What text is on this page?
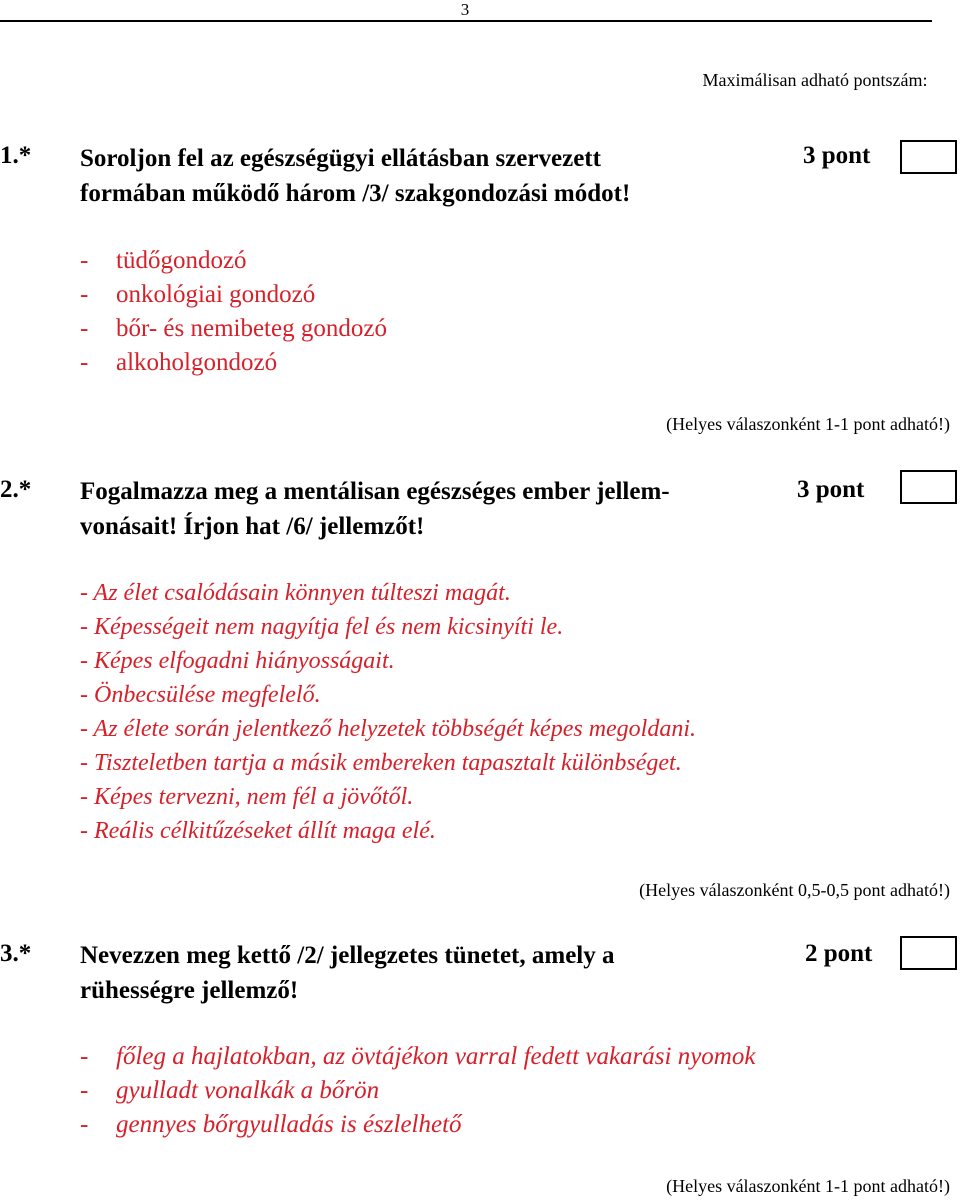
3
Maximálisan adható pontszám:
1.* Soroljon fel az egészségügyi ellátásban szervezett
formában működő három /3/ szakgondozási módot!
3 pont
- tüdőgondozó
- onkológiai gondozó
- bőr- és nemibeteg gondozó
- alkoholgondozó
(Helyes válaszonként 1-1 pont adható!)
2.* Fogalmazza meg a mentálisan egészséges ember jellem-
vonásait! Írjon hat /6/ jellemzőt!
3 pont
- Az élet csalódásain könnyen túlteszi magát.
- Képességeit nem nagyítja fel és nem kicsinyíti le.
- Képes elfogadni hiányosságait.
- Önbecsülése megfelelő.
- Az élete során jelentkező helyzetek többségét képes megoldani.
- Tiszteletben tartja a másik embereken tapasztalt különbséget.
- Képes tervezni, nem fél a jövőtől.
- Reális célkitűzéseket állít maga elé.
(Helyes válaszonként 0,5-0,5 pont adható!)
3.* Nevezzen meg kettő /2/ jellegzetes tünetet, amely a
rühességre jellemző!
2 pont
- főleg a hajlatokban, az övtájékon varral fedett vakarási nyomok
- gyulladt vonalkák a bőrön
- gennyes bőrgyulladás is észlelhető
(Helyes válaszonként 1-1 pont adható!)
